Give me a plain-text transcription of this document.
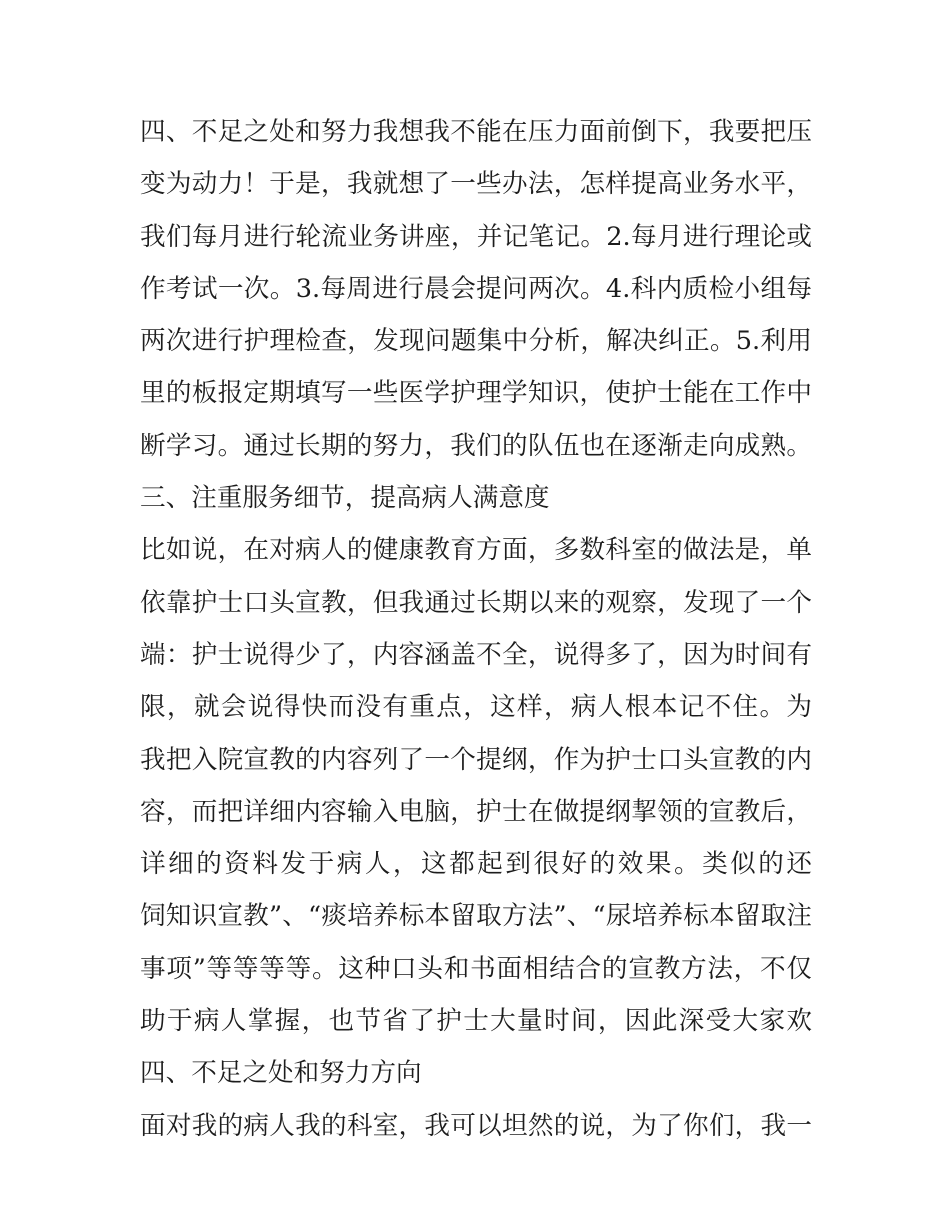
四、不足之处和努力我想我不能在压力面前倒下，我要把压
变为动力！于是，我就想了一些办法，怎样提高业务水平，
我们每月进行轮流业务讲座，并记笔记。2.每月进行理论或
作考试一次。3.每周进行晨会提问两次。4.科内质检小组每
两次进行护理检查，发现问题集中分析，解决纠正。5.利用
里的板报定期填写一些医学护理学知识，使护士能在工作中
断学习。通过长期的努力，我们的队伍也在逐渐走向成熟。
三、注重服务细节，提高病人满意度
比如说，在对病人的健康教育方面，多数科室的做法是，单
依靠护士口头宣教，但我通过长期以来的观察，发现了一个
端：护士说得少了，内容涵盖不全，说得多了，因为时间有
限，就会说得快而没有重点，这样，病人根本记不住。为
我把入院宣教的内容列了一个提纲，作为护士口头宣教的内
容，而把详细内容输入电脑，护士在做提纲挈领的宣教后，
详细的资料发于病人，这都起到很好的效果。类似的还
饲知识宣教”、“痰培养标本留取方法”、“尿培养标本留取注
事项”等等等等。这种口头和书面相结合的宣教方法，不仅
助于病人掌握，也节省了护士大量时间，因此深受大家欢
四、不足之处和努力方向
面对我的病人我的科室，我可以坦然的说，为了你们，我一
